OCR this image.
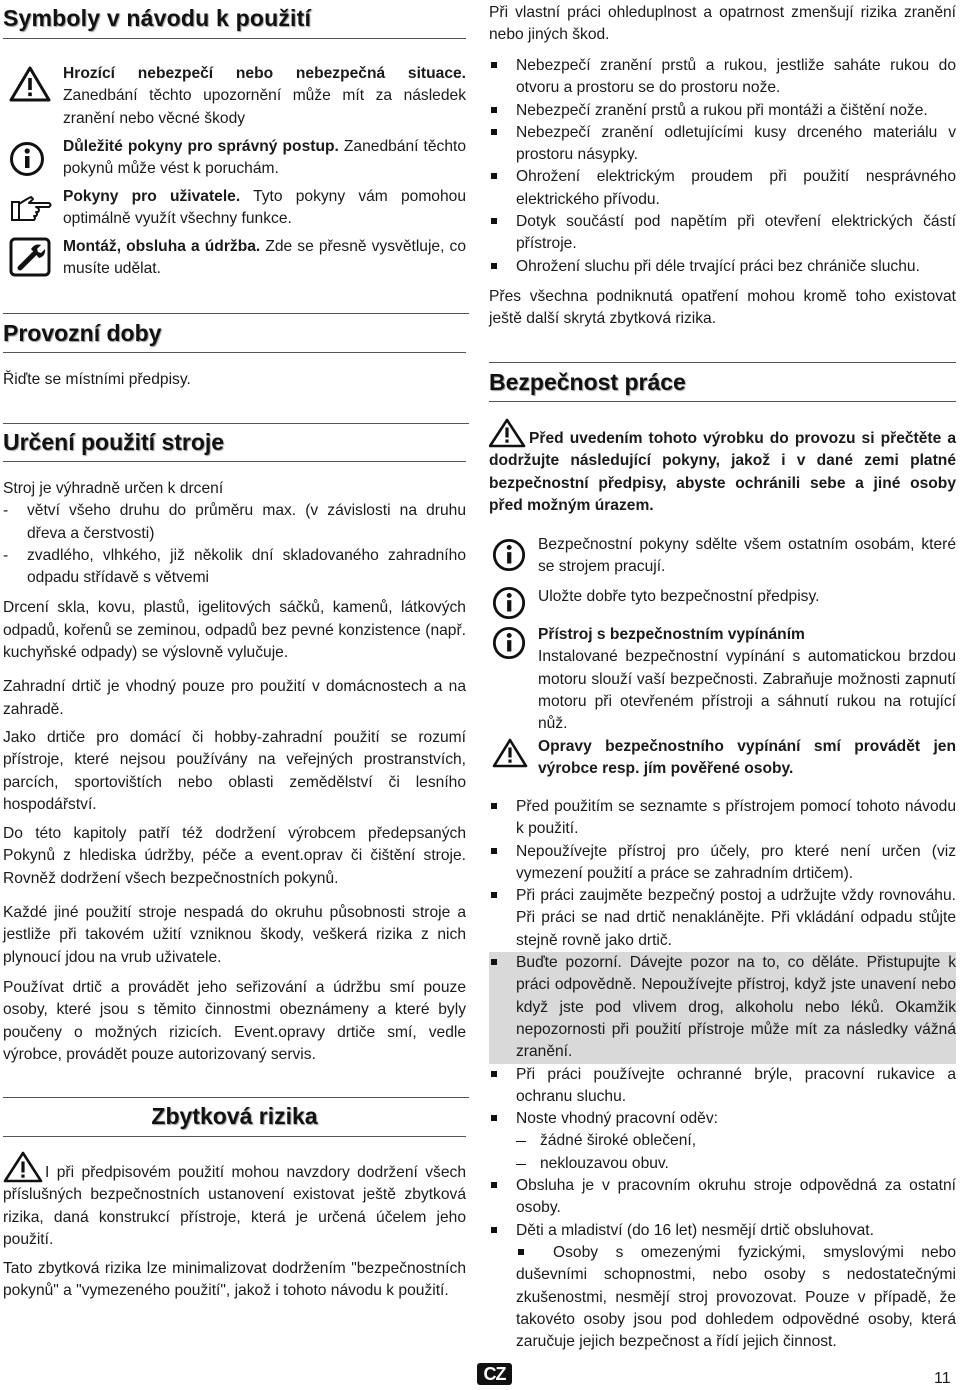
Symboly v návodu k použití

Hrozící nebezpečí nebo nebezpečná situace. Zanedbání těchto upozornění může mít za následek zranění nebo věcné škody

Důležité pokyny pro správný postup. Zanedbání těchto pokynů může vést k poruchám.

Pokyny pro uživatele. Tyto pokyny vám pomohou optimálně využít všechny funkce.

Montáž, obsluha a údržba. Zde se přesně vysvětluje, co musíte udělat.

Provozní doby

Řiďte se místními předpisy.

Určení použití stroje

Stroj je výhradně určen k drcení

- větví všeho druhu do průměru max. (v závislosti na druhu dřeva a čerstvosti)
- zvadlého, vlhkého, již několik dní skladovaného zahradního odpadu střídavě s větvemi

Drcení skla, kovu, plastů, igelitových sáčků, kamenů, látkových odpadů, kořenů se zeminou, odpadů bez pevné konzistence (např. kuchyňské odpady) se výslovně vylučuje.

Zahradní drtič je vhodný pouze pro použití v domácnostech a na zahradě.

Jako drtiče pro domácí či hobby-zahradní použití se rozumí přístroje, které nejsou používány na veřejných prostranstvích, parcích, sportovištích nebo oblasti zemědělství či lesního hospodářství.

Do této kapitoly patří též dodržení výrobcem předepsaných Pokynů z hlediska údržby, péče a event.oprav či čištění stroje. Rovněž dodržení všech bezpečnostních pokynů.

Každé jiné použití stroje nespadá do okruhu působnosti stroje a jestliže při takovém užití vzniknou škody, veškerá rizika z nich plynoucí jdou na vrub uživatele.

Používat drtič a provádět jeho seřizování a údržbu smí pouze osoby, které jsou s těmito činnostmi obeznámeny a které byly poučeny o možných rizicích. Event.opravy drtiče smí, vedle výrobce, provádět pouze autorizovaný servis.

Zbytková rizika

I při předpisovém použití mohou navzdory dodržení všech příslušných bezpečnostních ustanovení existovat ještě zbytková rizika, daná konstrukcí přístroje, která je určená účelem jeho použití.

Tato zbytková rizika lze minimalizovat dodržením "bezpečnostních pokynů" a "vymezeného použití", jakož i tohoto návodu k použití.

Při vlastní práci ohleduplnost a opatrnost zmenšují rizika zranění nebo jiných škod.

Nebezpečí zranění prstů a rukou, jestliže saháte rukou do otvoru a prostoru se do prostoru nože.
Nebezpečí zranění prstů a rukou při montáži a čištění nože.
Nebezpečí zranění odletujícími kusy drceného materiálu v prostoru násypky.
Ohrožení elektrickým proudem při použití nesprávného elektrického přívodu.
Dotyk součástí pod napětím při otevření elektrických částí přístroje.
Ohrožení sluchu při déle trvající práci bez chrániče sluchu.

Přes všechna podniknutá opatření mohou kromě toho existovat ještě další skrytá zbytková rizika.

Bezpečnost práce

Před uvedením tohoto výrobku do provozu si přečtěte a dodržujte následující pokyny, jakož i v dané zemi platné bezpečnostní předpisy, abyste ochránili sebe a jiné osoby před možným úrazem.

Bezpečnostní pokyny sdělte všem ostatním osobám, které se strojem pracují.

Uložte dobře tyto bezpečnostní předpisy.

Přístroj s bezpečnostním vypínáním

Instalované bezpečnostní vypínání s automatickou brzdou motoru slouží vaší bezpečnosti. Zabraňuje možnosti zapnutí motoru při otevřeném přístroji a sáhnutí rukou na rotující nůž.

Opravy bezpečnostního vypínání smí provádět jen výrobce resp. jím pověřené osoby.

Před použitím se seznamte s přístrojem pomocí tohoto návodu k použití.
Nepoužívejte přístroj pro účely, pro které není určen (viz vymezení použití a práce se zahradním drtičem).
Při práci zaujměte bezpečný postoj a udržujte vždy rovnováhu. Při práci se nad drtič nenaklánějte. Při vkládání odpadu stůjte stejně rovně jako drtič.
Buďte pozorní. Dávejte pozor na to, co děláte. Přistupujte k práci odpovědně. Nepoužívejte přístroj, když jste unavení nebo když jste pod vlivem drog, alkoholu nebo léků. Okamžik nepozornosti při použití přístroje může mít za následky vážná zranění.
Při práci používejte ochranné brýle, pracovní rukavice a ochranu sluchu.
Noste vhodný pracovní oděv:
žádné široké oblečení,
neklouzavou obuv.
Obsluha je v pracovním okruhu stroje odpovědná za ostatní osoby.
Děti a mladiství (do 16 let) nesmějí drtič obsluhovat.

Osoby s omezenými fyzickými, smyslovými nebo duševními schopnostmi, nebo osoby s nedostatečnými zkušenostmi, nesmějí stroj provozovat. Pouze v případě, že takovéto osoby jsou pod dohledem odpovědné osoby, která zaručuje jejich bezpečnost a řídí jejich činnost.

CZ	11
